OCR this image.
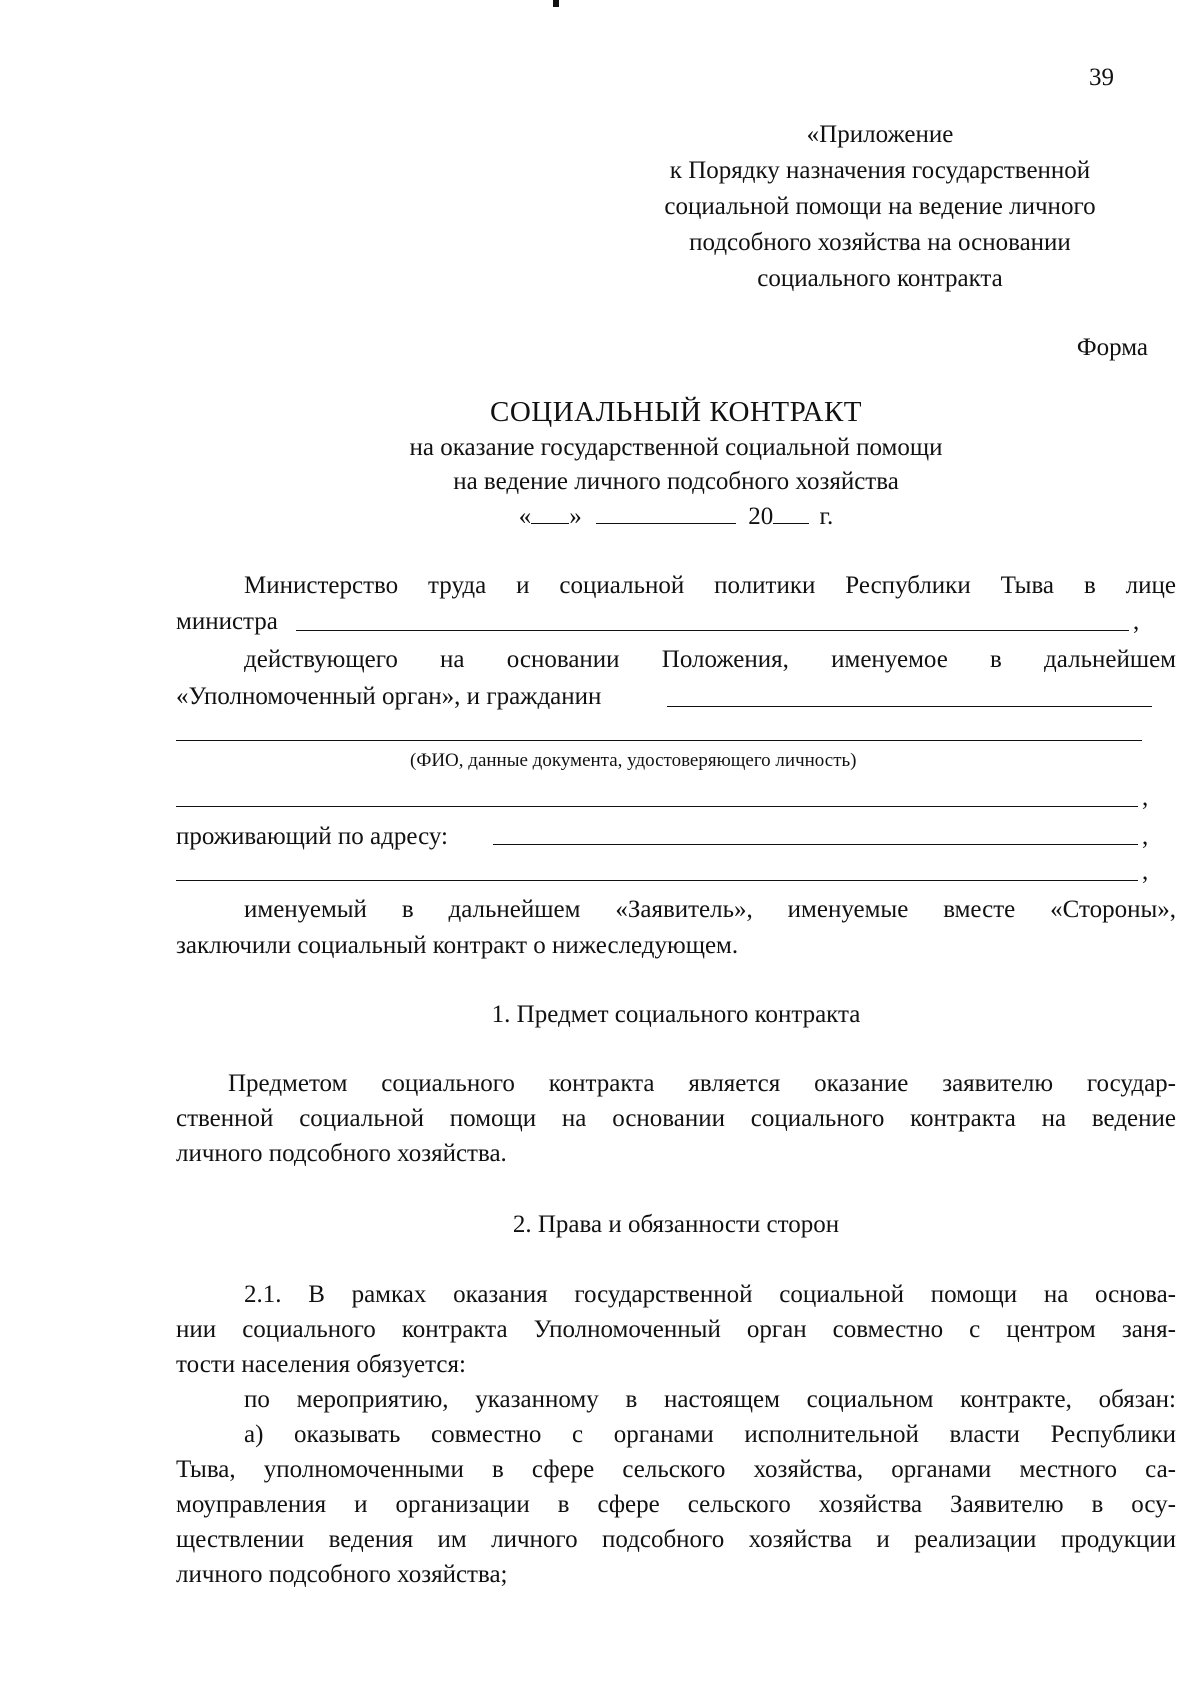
39
«Приложение
к Порядку назначения государственной
социальной помощи на ведение личного
подсобного хозяйства на основании
социального контракта
Форма
СОЦИАЛЬНЫЙ КОНТРАКТ
на оказание государственной социальной помощи
на ведение личного подсобного хозяйства
« »	20 г.
Министерство труда и социальной политики Республики Тыва в лице
министра	,
действующего на основании Положения, именуемое в дальнейшем
«Уполномоченный орган», и гражданин
(ФИО, данные документа, удостоверяющего личность)
,
проживающий по адресу:	,
,
именуемый в дальнейшем «Заявитель», именуемые вместе «Стороны»,
заключили социальный контракт о нижеследующем.
1. Предмет социального контракта
Предметом социального контракта является оказание заявителю государ-
ственной социальной помощи на основании социального контракта на ведение
личного подсобного хозяйства.
2. Права и обязанности сторон
2.1. В рамках оказания государственной социальной помощи на основа-
нии социального контракта Уполномоченный орган совместно с центром заня-
тости населения обязуется:
по мероприятию, указанному в настоящем социальном контракте, обязан:
а) оказывать совместно с органами исполнительной власти Республики
Тыва, уполномоченными в сфере сельского хозяйства, органами местного са-
моуправления и организации в сфере сельского хозяйства Заявителю в осу-
ществлении ведения им личного подсобного хозяйства и реализации продукции
личного подсобного хозяйства;
